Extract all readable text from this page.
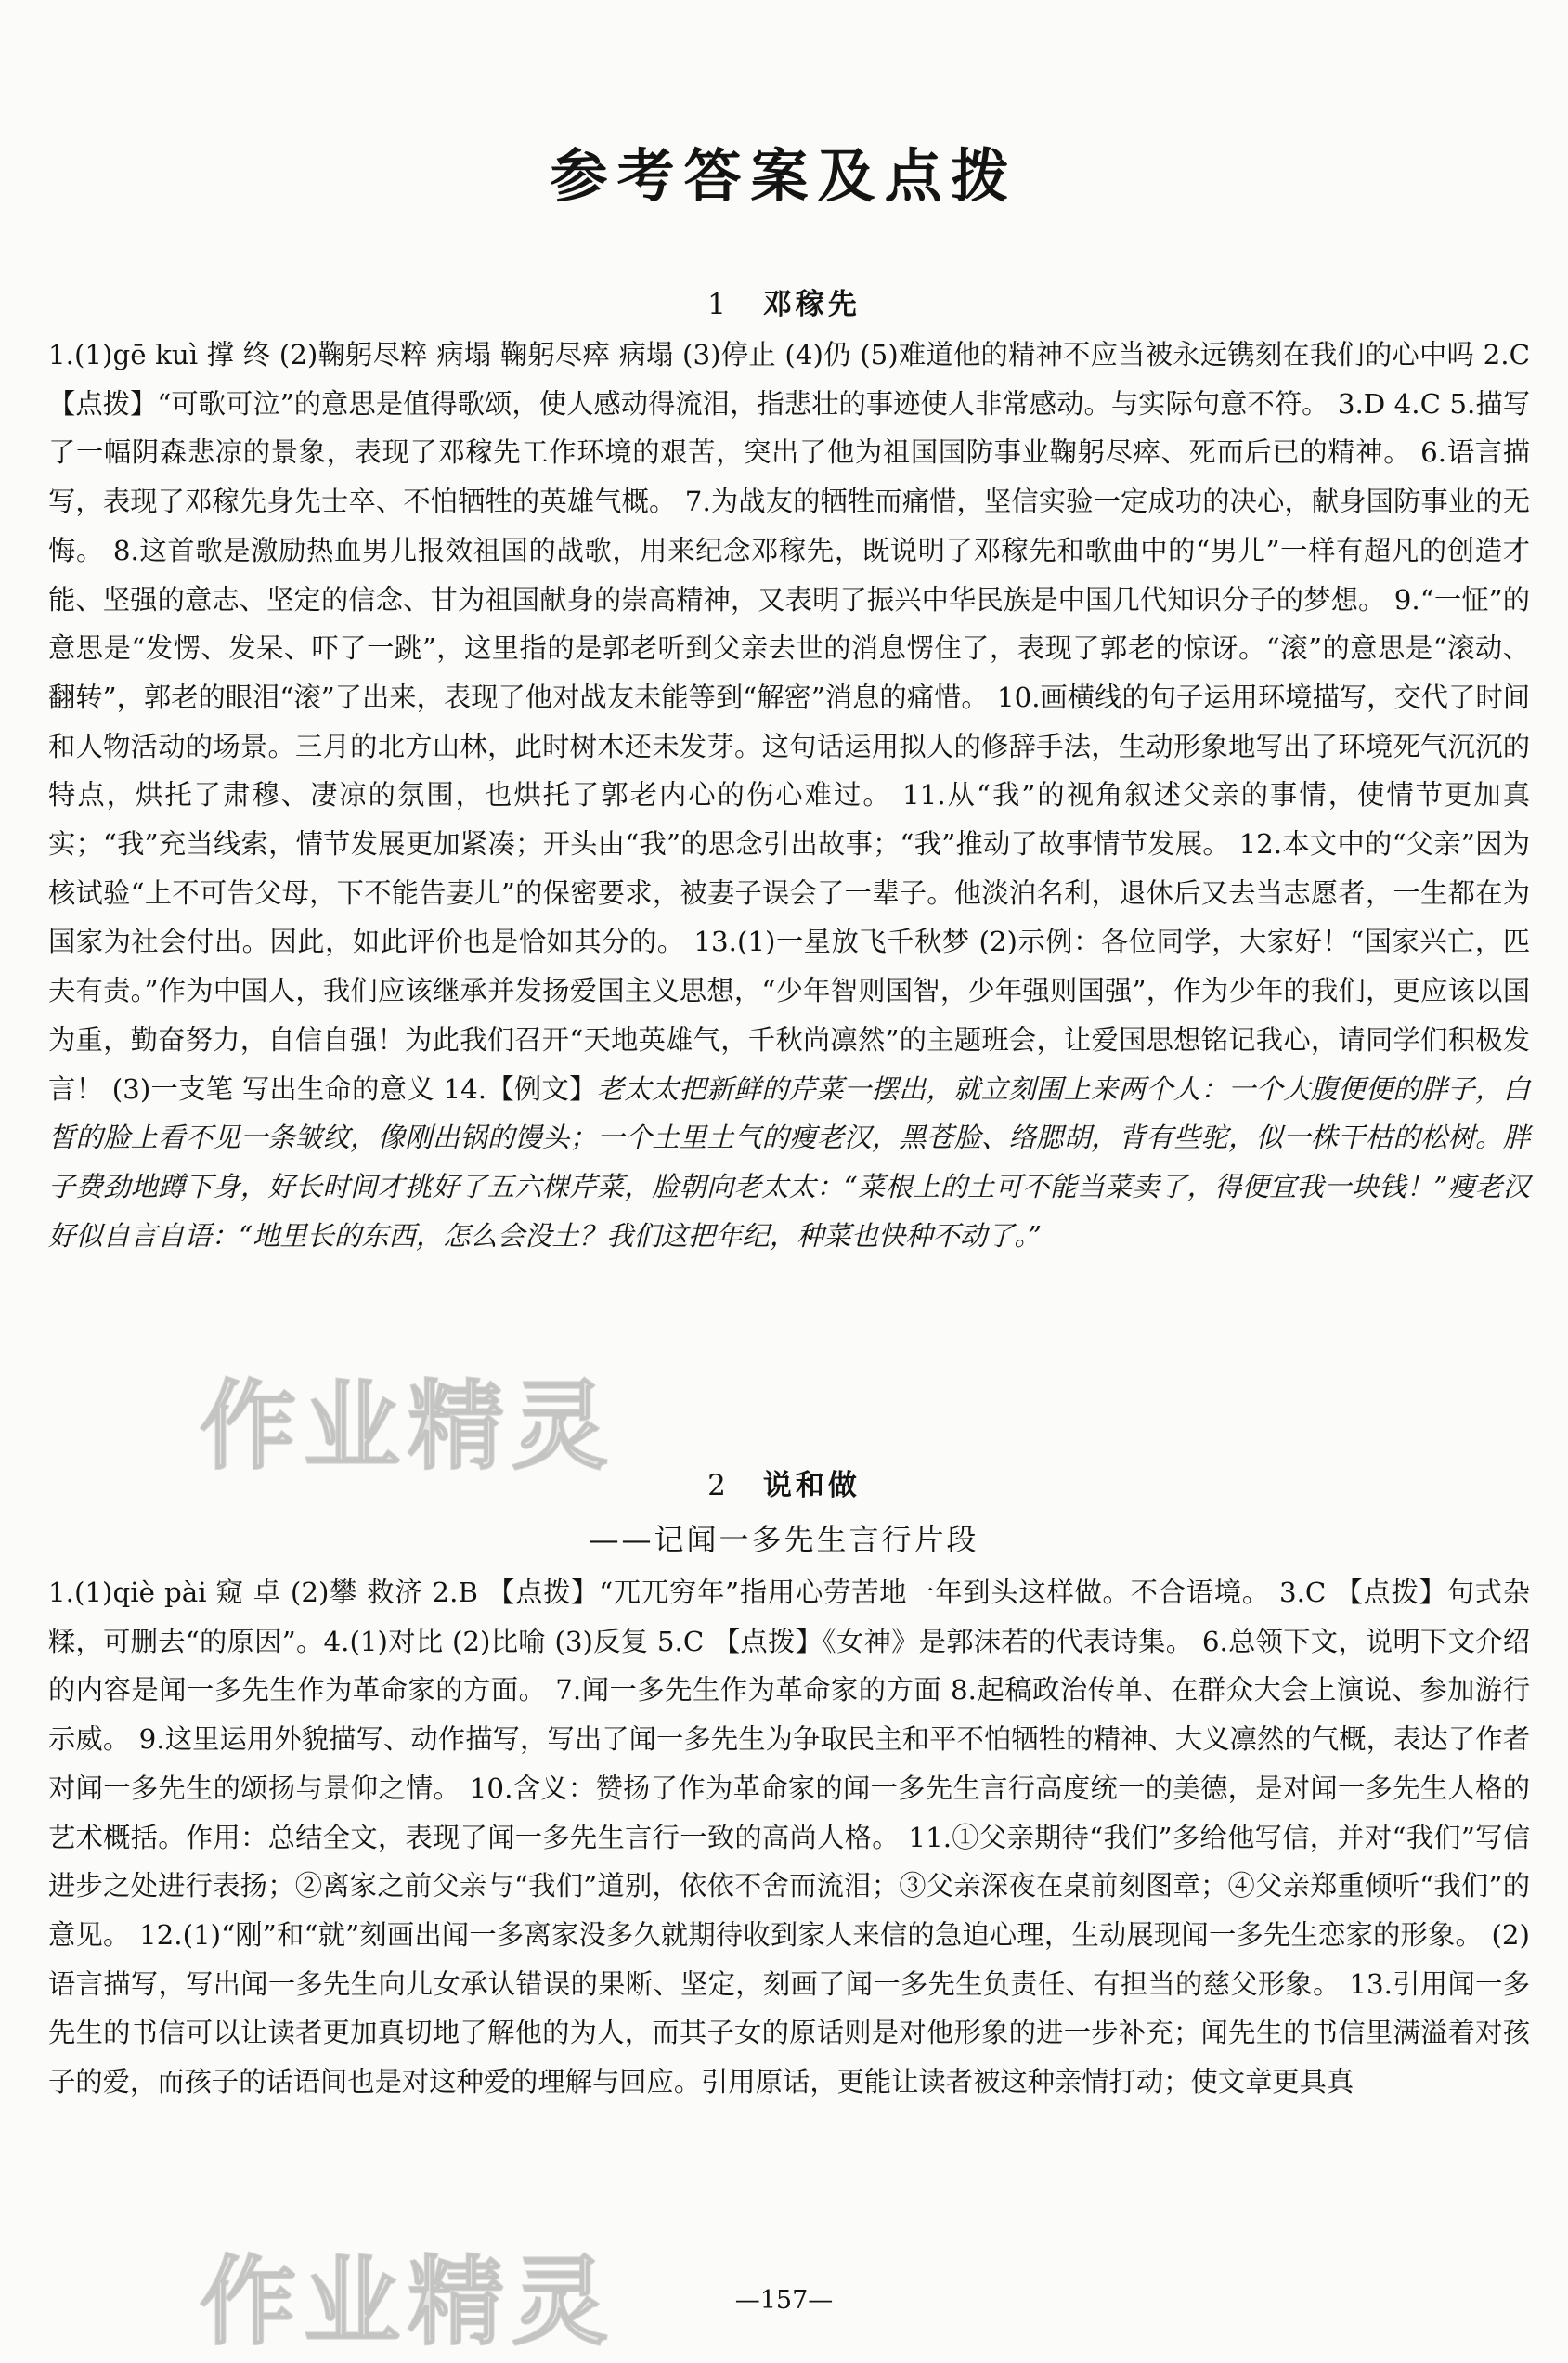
参考答案及点拨
1 邓稼先

1.(1)gē kuì 撑 终 (2)鞠躬尽粹 病塌 鞠躬尽瘁 病塌 (3)停止 (4)仍 (5)难道他的精神不应当被永远镌刻在我们的心中吗 2.C 【点拨】“可歌可泣”的意思是值得歌颂，使人感动得流泪，指悲壮的事迹使人非常感动。与实际句意不符。 3.D 4.C 5.描写了一幅阴森悲凉的景象，表现了邓稼先工作环境的艰苦，突出了他为祖国国防事业鞠躬尽瘁、死而后已的精神。 6.语言描写，表现了邓稼先身先士卒、不怕牺牲的英雄气概。 7.为战友的牺牲而痛惜，坚信实验一定成功的决心，献身国防事业的无悔。 8.这首歌是激励热血男儿报效祖国的战歌，用来纪念邓稼先，既说明了邓稼先和歌曲中的“男儿”一样有超凡的创造才能、坚强的意志、坚定的信念、甘为祖国献身的崇高精神，又表明了振兴中华民族是中国几代知识分子的梦想。 9.“一怔”的意思是“发愣、发呆、吓了一跳”，这里指的是郭老听到父亲去世的消息愣住了，表现了郭老的惊讶。“滚”的意思是“滚动、翻转”，郭老的眼泪“滚”了出来，表现了他对战友未能等到“解密”消息的痛惜。 10.画横线的句子运用环境描写，交代了时间和人物活动的场景。三月的北方山林，此时树木还未发芽。这句话运用拟人的修辞手法，生动形象地写出了环境死气沉沉的特点，烘托了肃穆、凄凉的氛围，也烘托了郭老内心的伤心难过。 11.从“我”的视角叙述父亲的事情，使情节更加真实；“我”充当线索，情节发展更加紧凑；开头由“我”的思念引出故事；“我”推动了故事情节发展。 12.本文中的“父亲”因为核试验“上不可告父母，下不能告妻儿”的保密要求，被妻子误会了一辈子。他淡泊名利，退休后又去当志愿者，一生都在为国家为社会付出。因此，如此评价也是恰如其分的。 13.(1)一星放飞千秋梦 (2)示例：各位同学，大家好！“国家兴亡，匹夫有责。”作为中国人，我们应该继承并发扬爱国主义思想，“少年智则国智，少年强则国强”，作为少年的我们，更应该以国为重，勤奋努力，自信自强！为此我们召开“天地英雄气，千秋尚凛然”的主题班会，让爱国思想铭记我心，请同学们积极发言！ (3)一支笔 写出生命的意义 14.【例文】老太太把新鲜的芹菜一摆出，就立刻围上来两个人：一个大腹便便的胖子，白皙的脸上看不见一条皱纹，像刚出锅的馒头；一个土里土气的瘦老汉，黑苍脸、络腮胡，背有些驼，似一株干枯的松树。胖子费劲地蹲下身，好长时间才挑好了五六棵芹菜，脸朝向老太太：“菜根上的土可不能当菜卖了，得便宜我一块钱！”瘦老汉好似自言自语：“地里长的东西，怎么会没土？我们这把年纪，种菜也快种不动了。”

2 说和做
——记闻一多先生言行片段

1.(1)qiè pài 窥 卓 (2)攀 救济 2.B 【点拨】“兀兀穷年”指用心劳苦地一年到头这样做。不合语境。 3.C 【点拨】句式杂糅，可删去“的原因”。4.(1)对比 (2)比喻 (3)反复 5.C 【点拨】《女神》是郭沫若的代表诗集。 6.总领下文，说明下文介绍的内容是闻一多先生作为革命家的方面。 7.闻一多先生作为革命家的方面 8.起稿政治传单、在群众大会上演说、参加游行示威。 9.这里运用外貌描写、动作描写，写出了闻一多先生为争取民主和平不怕牺牲的精神、大义凛然的气概，表达了作者对闻一多先生的颂扬与景仰之情。 10.含义：赞扬了作为革命家的闻一多先生言行高度统一的美德，是对闻一多先生人格的艺术概括。作用：总结全文，表现了闻一多先生言行一致的高尚人格。 11.①父亲期待“我们”多给他写信，并对“我们”写信进步之处进行表扬；②离家之前父亲与“我们”道别，依依不舍而流泪；③父亲深夜在桌前刻图章；④父亲郑重倾听“我们”的意见。 12.(1)“刚”和“就”刻画出闻一多离家没多久就期待收到家人来信的急迫心理，生动展现闻一多先生恋家的形象。 (2)语言描写，写出闻一多先生向儿女承认错误的果断、坚定，刻画了闻一多先生负责任、有担当的慈父形象。 13.引用闻一多先生的书信可以让读者更加真切地了解他的为人，而其子女的原话则是对他形象的进一步补充；闻先生的书信里满溢着对孩子的爱，而孩子的话语间也是对这种爱的理解与回应。引用原话，更能让读者被这种亲情打动；使文章更具真

—157—
作业精灵
作业精灵
